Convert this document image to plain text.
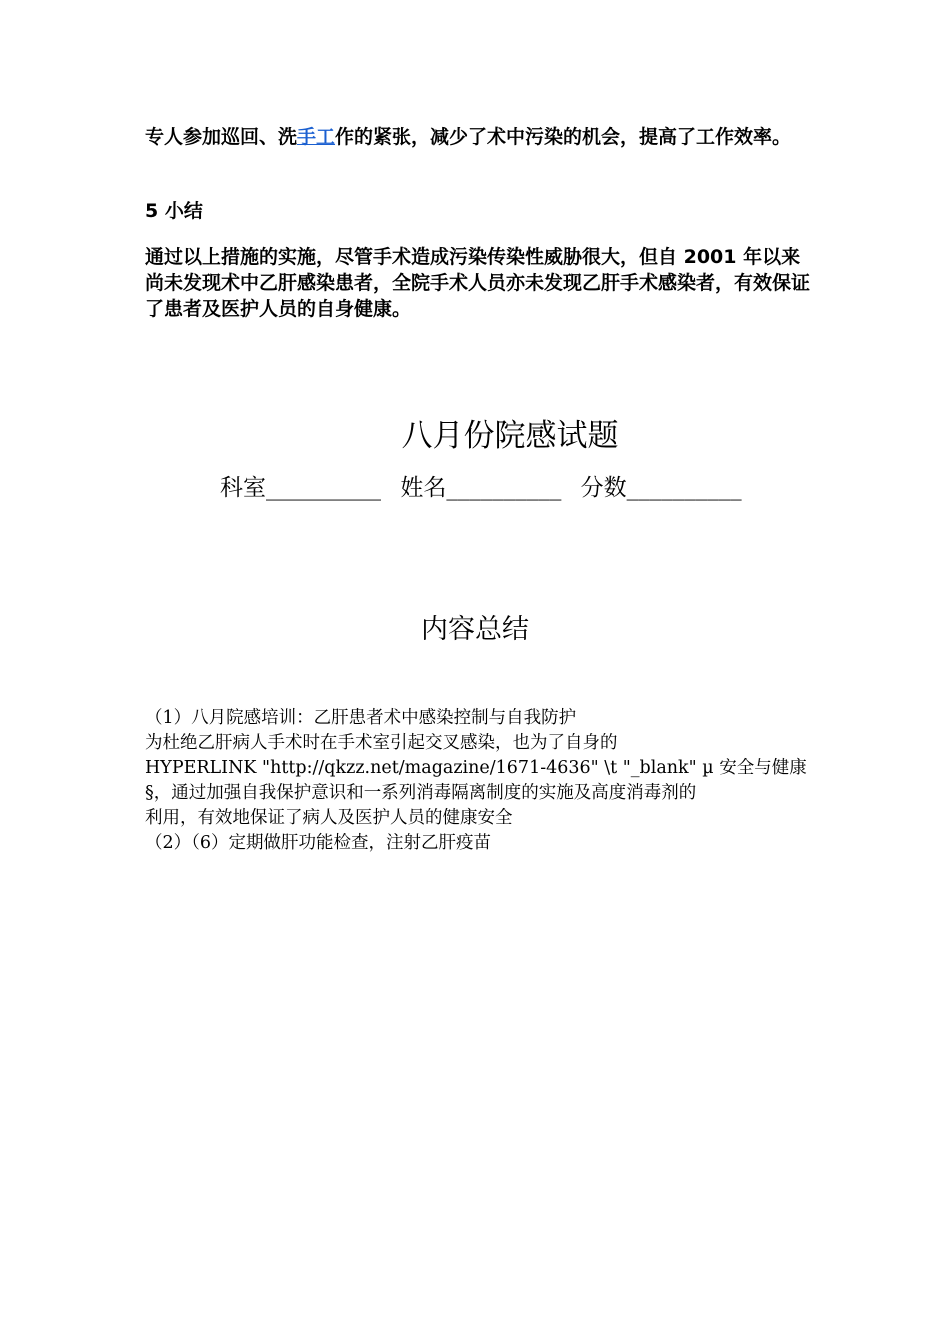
专人参加巡回、洗手工作的紧张，减少了术中污染的机会，提高了工作效率。
5 小结
通过以上措施的实施，尽管手术造成污染传染性威胁很大，但自 2001 年以来尚未发现术中乙肝感染患者，全院手术人员亦未发现乙肝手术感染者，有效保证了患者及医护人员的自身健康。
八月份院感试题
科室__________ 姓名__________ 分数__________
内容总结
（1）八月院感培训：乙肝患者术中感染控制与自我防护
为杜绝乙肝病人手术时在手术室引起交叉感染，也为了自身的
HYPERLINK "http://qkzz.net/magazine/1671-4636" \t "_blank" µ 安全与健康
§，通过加强自我保护意识和一系列消毒隔离制度的实施及高度消毒剂的
利用，有效地保证了病人及医护人员的健康安全
（2）（6）定期做肝功能检查，注射乙肝疫苗
